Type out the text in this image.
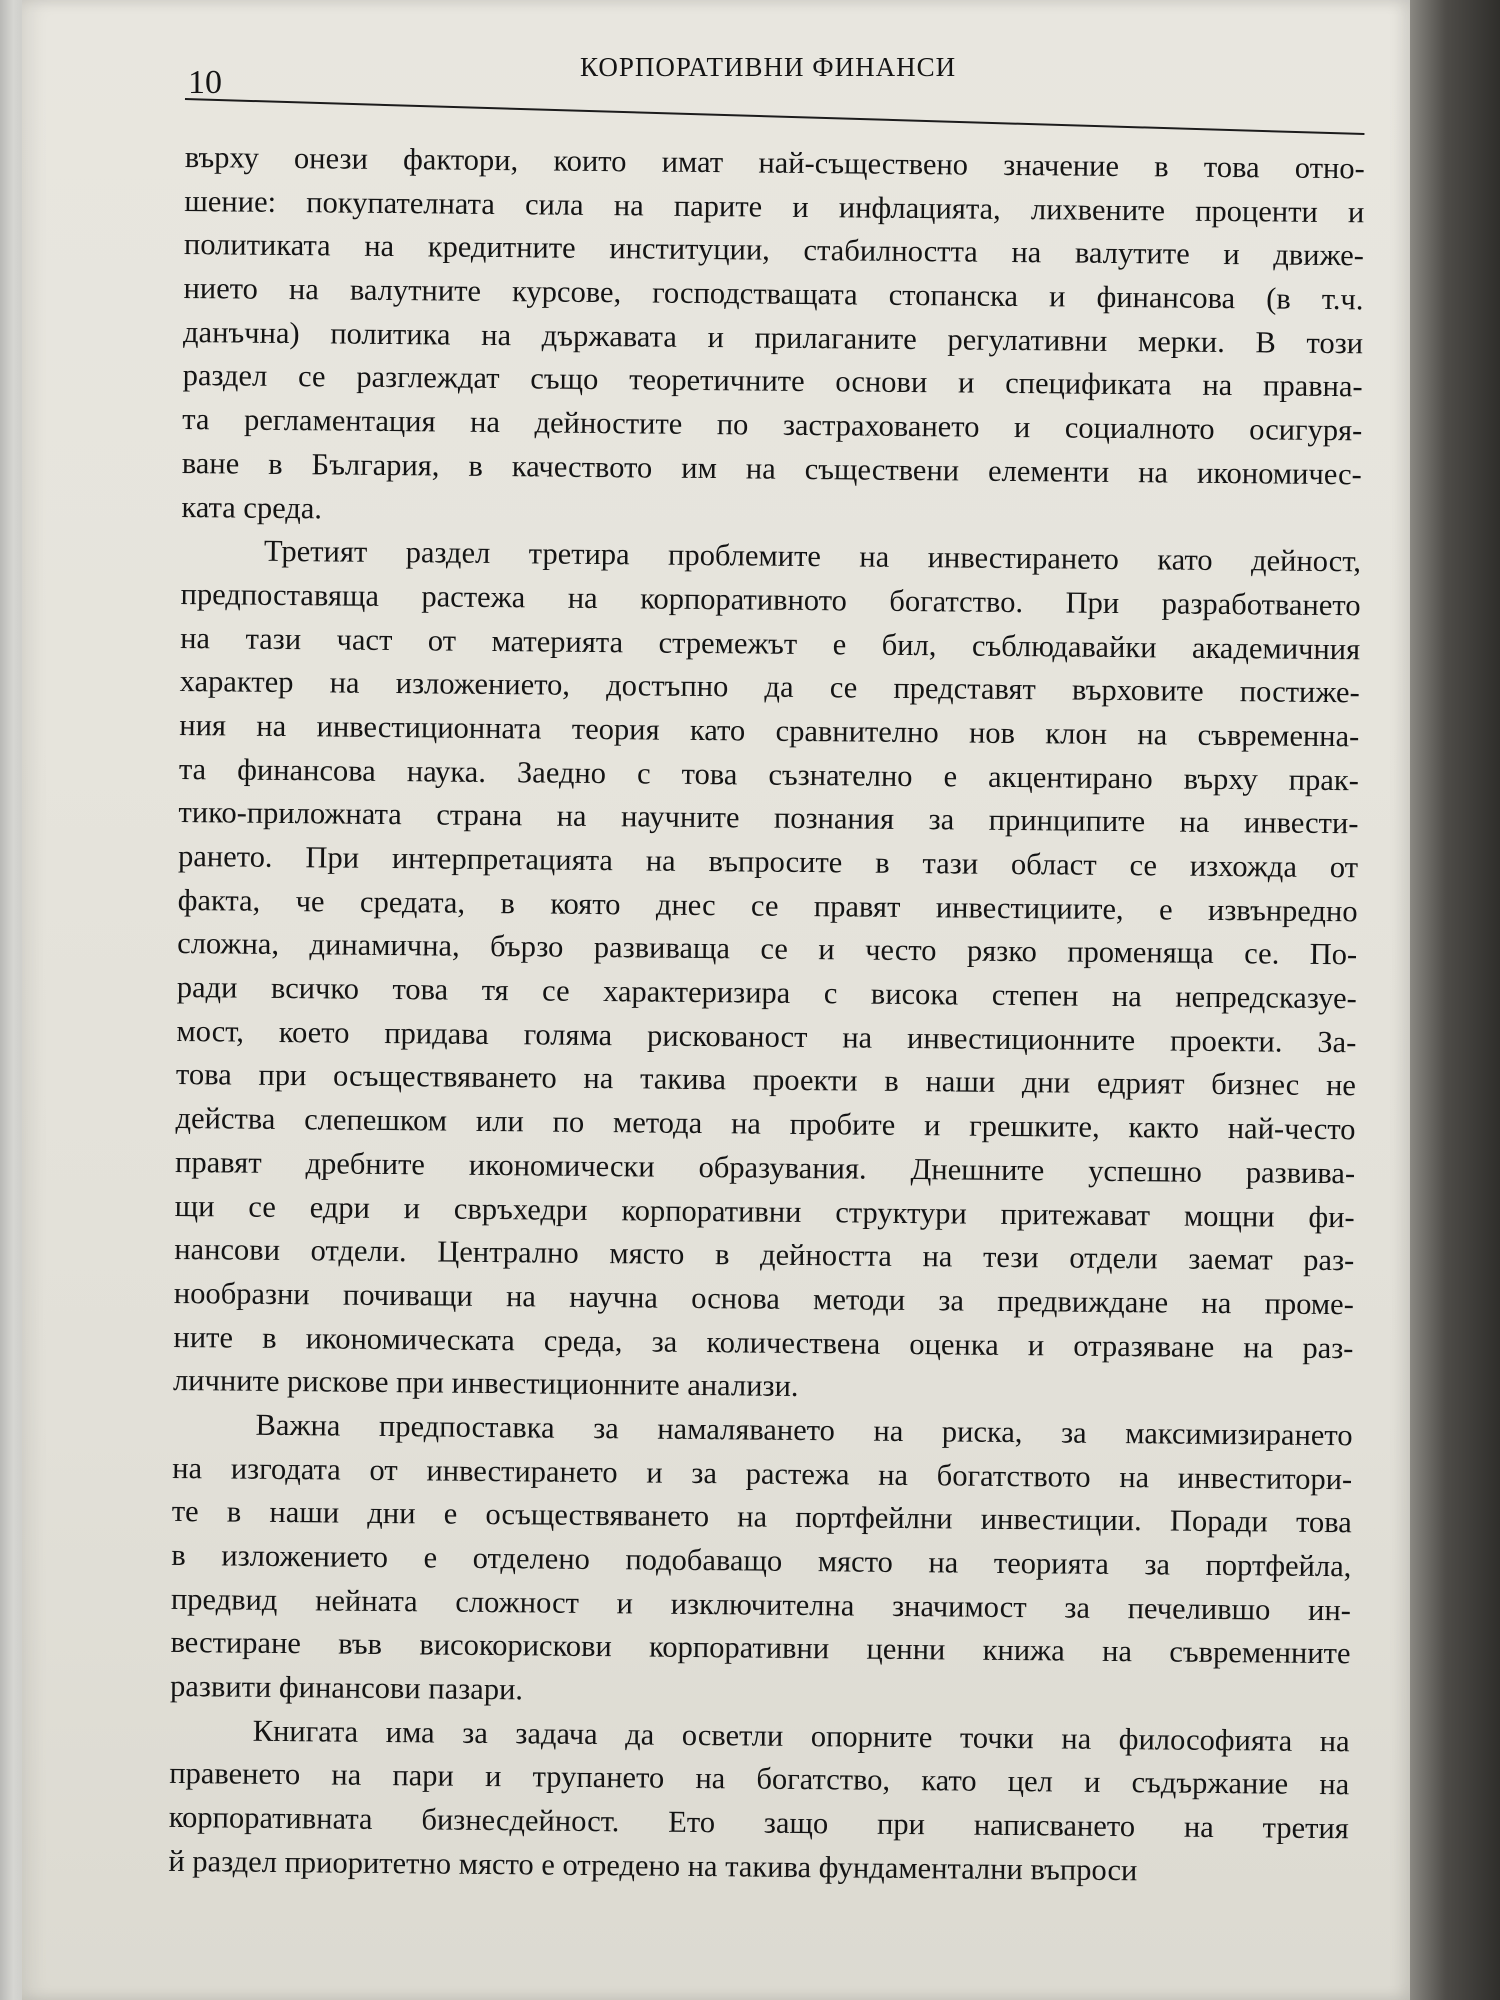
10	КОРПОРАТИВНИ ФИНАНСИ
върху онези фактори, които имат най-съществено значение в това отно-
шение: покупателната сила на парите и инфлацията, лихвените проценти и
политиката на кредитните институции, стабилността на валутите и движе-
нието на валутните курсове, господстващата стопанска и финансова (в т.ч.
данъчна) политика на държавата и прилаганите регулативни мерки. В този
раздел се разглеждат също теоретичните основи и спецификата на правна-
та регламентация на дейностите по застраховането и социалното осигуря-
ване в България, в качеството им на съществени елементи на икономичес-
ката среда.
Третият раздел третира проблемите на инвестирането като дейност,
предпоставяща растежа на корпоративното богатство. При разработването
на тази част от материята стремежът е бил, съблюдавайки академичния
характер на изложението, достъпно да се представят върховите постиже-
ния на инвестиционната теория като сравнително нов клон на съвременна-
та финансова наука. Заедно с това съзнателно е акцентирано върху прак-
тико-приложната страна на научните познания за принципите на инвести-
рането. При интерпретацията на въпросите в тази област се изхожда от
факта, че средата, в която днес се правят инвестициите, е извънредно
сложна, динамична, бързо развиваща се и често рязко променяща се. По-
ради всичко това тя се характеризира с висока степен на непредсказуе-
мост, което придава голяма рискованост на инвестиционните проекти. За-
това при осъществяването на такива проекти в наши дни едрият бизнес не
действа слепешком или по метода на пробите и грешките, както най-често
правят дребните икономически образувания. Днешните успешно развива-
щи се едри и свръхедри корпоративни структури притежават мощни фи-
нансови отдели. Централно място в дейността на тези отдели заемат раз-
нообразни почиващи на научна основа методи за предвиждане на проме-
ните в икономическата среда, за количествена оценка и отразяване на раз-
личните рискове при инвестиционните анализи.
Важна предпоставка за намаляването на риска, за максимизирането
на изгодата от инвестирането и за растежа на богатството на инвеститори-
те в наши дни е осъществяването на портфейлни инвестиции. Поради това
в изложението е отделено подобаващо място на теорията за портфейла,
предвид нейната сложност и изключителна значимост за печелившо ин-
вестиране във високорискови корпоративни ценни книжа на съвременните
развити финансови пазари.
Книгата има за задача да осветли опорните точки на философията на
правенето на пари и трупането на богатство, като цел и съдържание на
корпоративната бизнесдейност. Ето защо при написването на третия
й раздел приоритетно място е отредено на такива фундаментални въпроси
